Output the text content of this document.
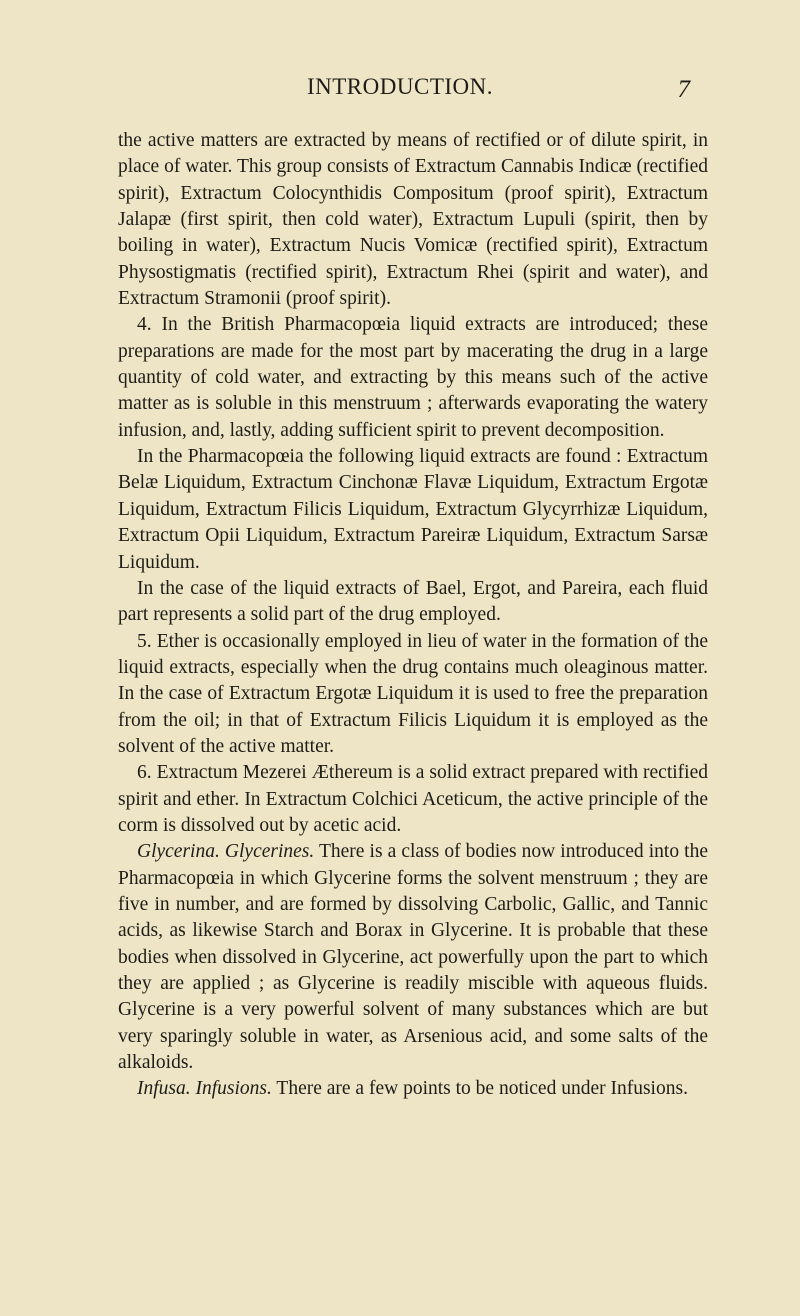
INTRODUCTION.	7

the active matters are extracted by means of rectified or of dilute spirit, in place of water. This group consists of Extractum Cannabis Indicæ (rectified spirit), Extractum Colocynthidis Compositum (proof spirit), Extractum Jalapæ (first spirit, then cold water), Extractum Lupuli (spirit, then by boiling in water), Extractum Nucis Vomicæ (rectified spirit), Extractum Physostigmatis (rectified spirit), Extractum Rhei (spirit and water), and Extractum Stramonii (proof spirit).

4. In the British Pharmacopœia liquid extracts are introduced; these preparations are made for the most part by macerating the drug in a large quantity of cold water, and extracting by this means such of the active matter as is soluble in this menstruum ; afterwards evaporating the watery infusion, and, lastly, adding sufficient spirit to prevent decomposition.

In the Pharmacopœia the following liquid extracts are found : Extractum Belæ Liquidum, Extractum Cinchonæ Flavæ Liquidum, Extractum Ergotæ Liquidum, Extractum Filicis Liquidum, Extractum Glycyrrhizæ Liquidum, Extractum Opii Liquidum, Extractum Pareiræ Liquidum, Extractum Sarsæ Liquidum.

In the case of the liquid extracts of Bael, Ergot, and Pareira, each fluid part represents a solid part of the drug employed.

5. Ether is occasionally employed in lieu of water in the formation of the liquid extracts, especially when the drug contains much oleaginous matter. In the case of Extractum Ergotæ Liquidum it is used to free the preparation from the oil; in that of Extractum Filicis Liquidum it is employed as the solvent of the active matter.

6. Extractum Mezerei Æthereum is a solid extract prepared with rectified spirit and ether. In Extractum Colchici Aceticum, the active principle of the corm is dissolved out by acetic acid.

Glycerina. Glycerines. There is a class of bodies now introduced into the Pharmacopœia in which Glycerine forms the solvent menstruum ; they are five in number, and are formed by dissolving Carbolic, Gallic, and Tannic acids, as likewise Starch and Borax in Glycerine. It is probable that these bodies when dissolved in Glycerine, act powerfully upon the part to which they are applied ; as Glycerine is readily miscible with aqueous fluids. Glycerine is a very powerful solvent of many substances which are but very sparingly soluble in water, as Arsenious acid, and some salts of the alkaloids.

Infusa. Infusions. There are a few points to be noticed under Infusions.
